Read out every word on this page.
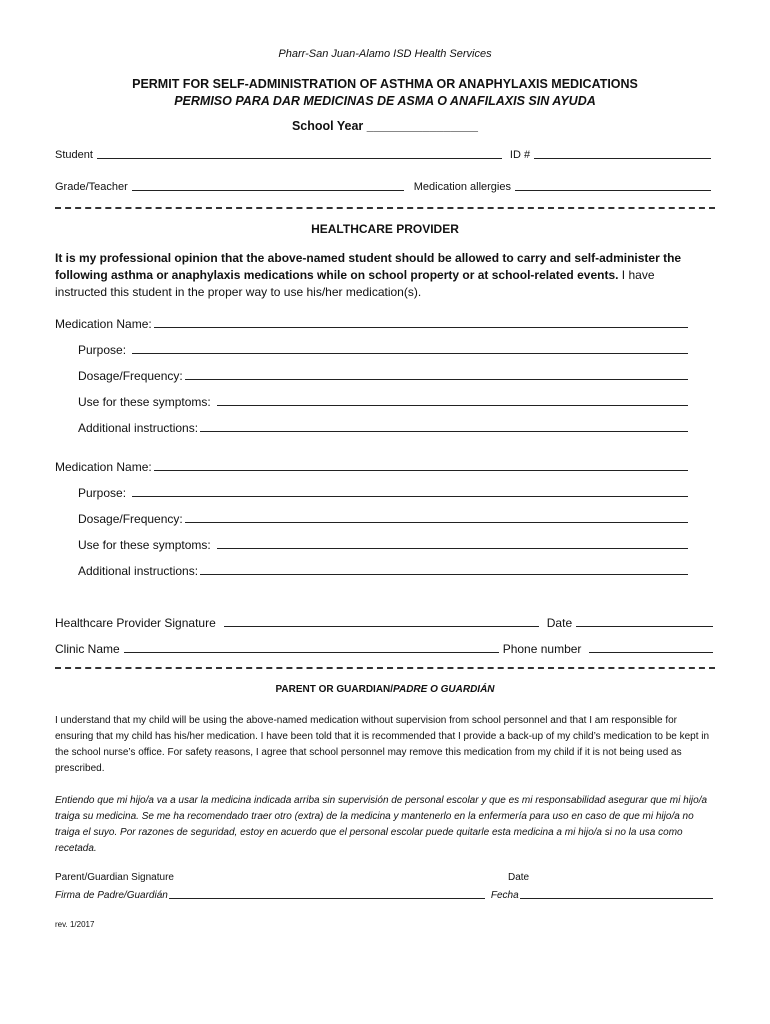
Pharr-San Juan-Alamo ISD Health Services
PERMIT FOR SELF-ADMINISTRATION OF ASTHMA OR ANAPHYLAXIS MEDICATIONS
PERMISO PARA DAR MEDICINAS DE ASMA O ANAFILAXIS SIN AYUDA
School Year ________________
Student	ID #
Grade/Teacher	Medication allergies
HEALTHCARE PROVIDER
It is my professional opinion that the above-named student should be allowed to carry and self-administer the following asthma or anaphylaxis medications while on school property or at school-related events. I have instructed this student in the proper way to use his/her medication(s).
Medication Name:
Purpose:
Dosage/Frequency:
Use for these symptoms:
Additional instructions:
Medication Name:
Purpose:
Dosage/Frequency:
Use for these symptoms:
Additional instructions:
Healthcare Provider Signature	Date
Clinic Name	Phone number
PARENT OR GUARDIAN/PADRE O GUARDIÁN
I understand that my child will be using the above-named medication without supervision from school personnel and that I am responsible for ensuring that my child has his/her medication. I have been told that it is recommended that I provide a back-up of my child’s medication to be kept in the school nurse’s office. For safety reasons, I agree that school personnel may remove this medication from my child if it is not being used as prescribed.
Entiendo que mi hijo/a va a usar la medicina indicada arriba sin supervisión de personal escolar y que es mi responsabilidad asegurar que mi hijo/a traiga su medicina. Se me ha recomendado traer otro (extra) de la medicina y mantenerlo en la enfermería para uso en caso de que mi hijo/a no traiga el suyo. Por razones de seguridad, estoy en acuerdo que el personal escolar puede quitarle esta medicina a mi hijo/a si no la usa como recetada.
Parent/Guardian Signature	Date
Firma de Padre/Guardián	Fecha
rev. 1/2017
